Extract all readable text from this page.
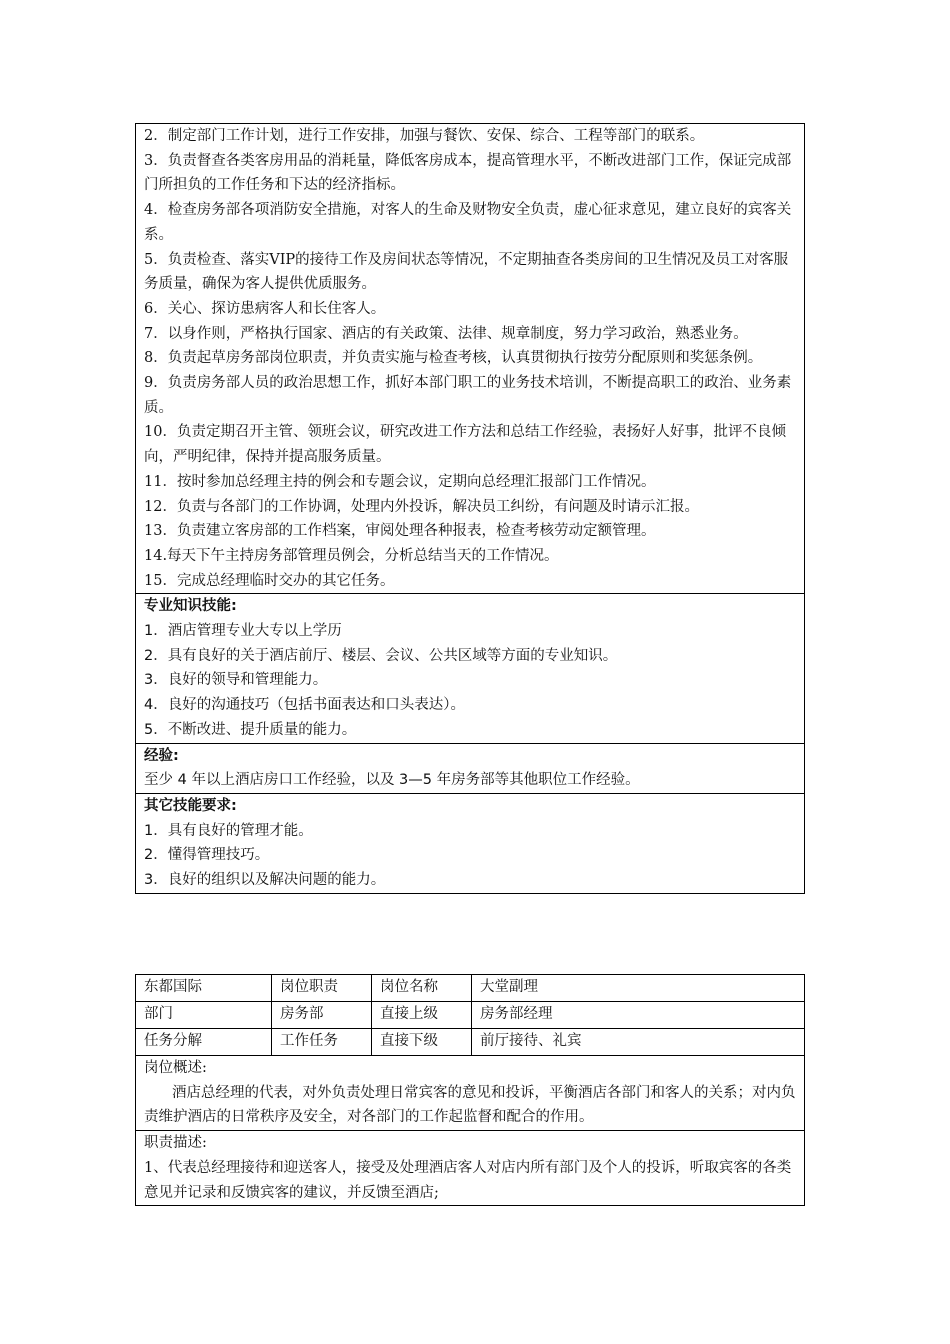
2．制定部门工作计划，进行工作安排，加强与餐饮、安保、综合、工程等部门的联系。
3．负责督查各类客房用品的消耗量，降低客房成本，提高管理水平，不断改进部门工作，保证完成部门所担负的工作任务和下达的经济指标。
4．检查房务部各项消防安全措施，对客人的生命及财物安全负责，虚心征求意见，建立良好的宾客关系。
5．负责检查、落实VIP的接待工作及房间状态等情况，不定期抽查各类房间的卫生情况及员工对客服务质量，确保为客人提供优质服务。
6．关心、探访患病客人和长住客人。
7．以身作则，严格执行国家、酒店的有关政策、法律、规章制度，努力学习政治，熟悉业务。
8．负责起草房务部岗位职责，并负责实施与检查考核，认真贯彻执行按劳分配原则和奖惩条例。
9．负责房务部人员的政治思想工作，抓好本部门职工的业务技术培训，不断提高职工的政治、业务素质。
10．负责定期召开主管、领班会议，研究改进工作方法和总结工作经验，表扬好人好事，批评不良倾向，严明纪律，保持并提高服务质量。
11．按时参加总经理主持的例会和专题会议，定期向总经理汇报部门工作情况。
12．负责与各部门的工作协调，处理内外投诉，解决员工纠纷，有问题及时请示汇报。
13．负责建立客房部的工作档案，审阅处理各种报表，检查考核劳动定额管理。
14.每天下午主持房务部管理员例会，分析总结当天的工作情况。
15．完成总经理临时交办的其它任务。
专业知识技能:
1．酒店管理专业大专以上学历
2．具有良好的关于酒店前厅、楼层、会议、公共区域等方面的专业知识。
3．良好的领导和管理能力。
4．良好的沟通技巧（包括书面表达和口头表达）。
5．不断改进、提升质量的能力。
经验:
至少 4 年以上酒店房口工作经验，以及 3—5 年房务部等其他职位工作经验。
其它技能要求:
1．具有良好的管理才能。
2．懂得管理技巧。
3．良好的组织以及解决问题的能力。
东都国际	岗位职责	岗位名称	大堂副理
部门	房务部	直接上级	房务部经理
任务分解	工作任务	直接下级	前厅接待、礼宾
岗位概述:
酒店总经理的代表，对外负责处理日常宾客的意见和投诉，平衡酒店各部门和客人的关系；对内负责维护酒店的日常秩序及安全，对各部门的工作起监督和配合的作用。
职责描述:
1、代表总经理接待和迎送客人，接受及处理酒店客人对店内所有部门及个人的投诉，听取宾客的各类意见并记录和反馈宾客的建议，并反馈至酒店;
